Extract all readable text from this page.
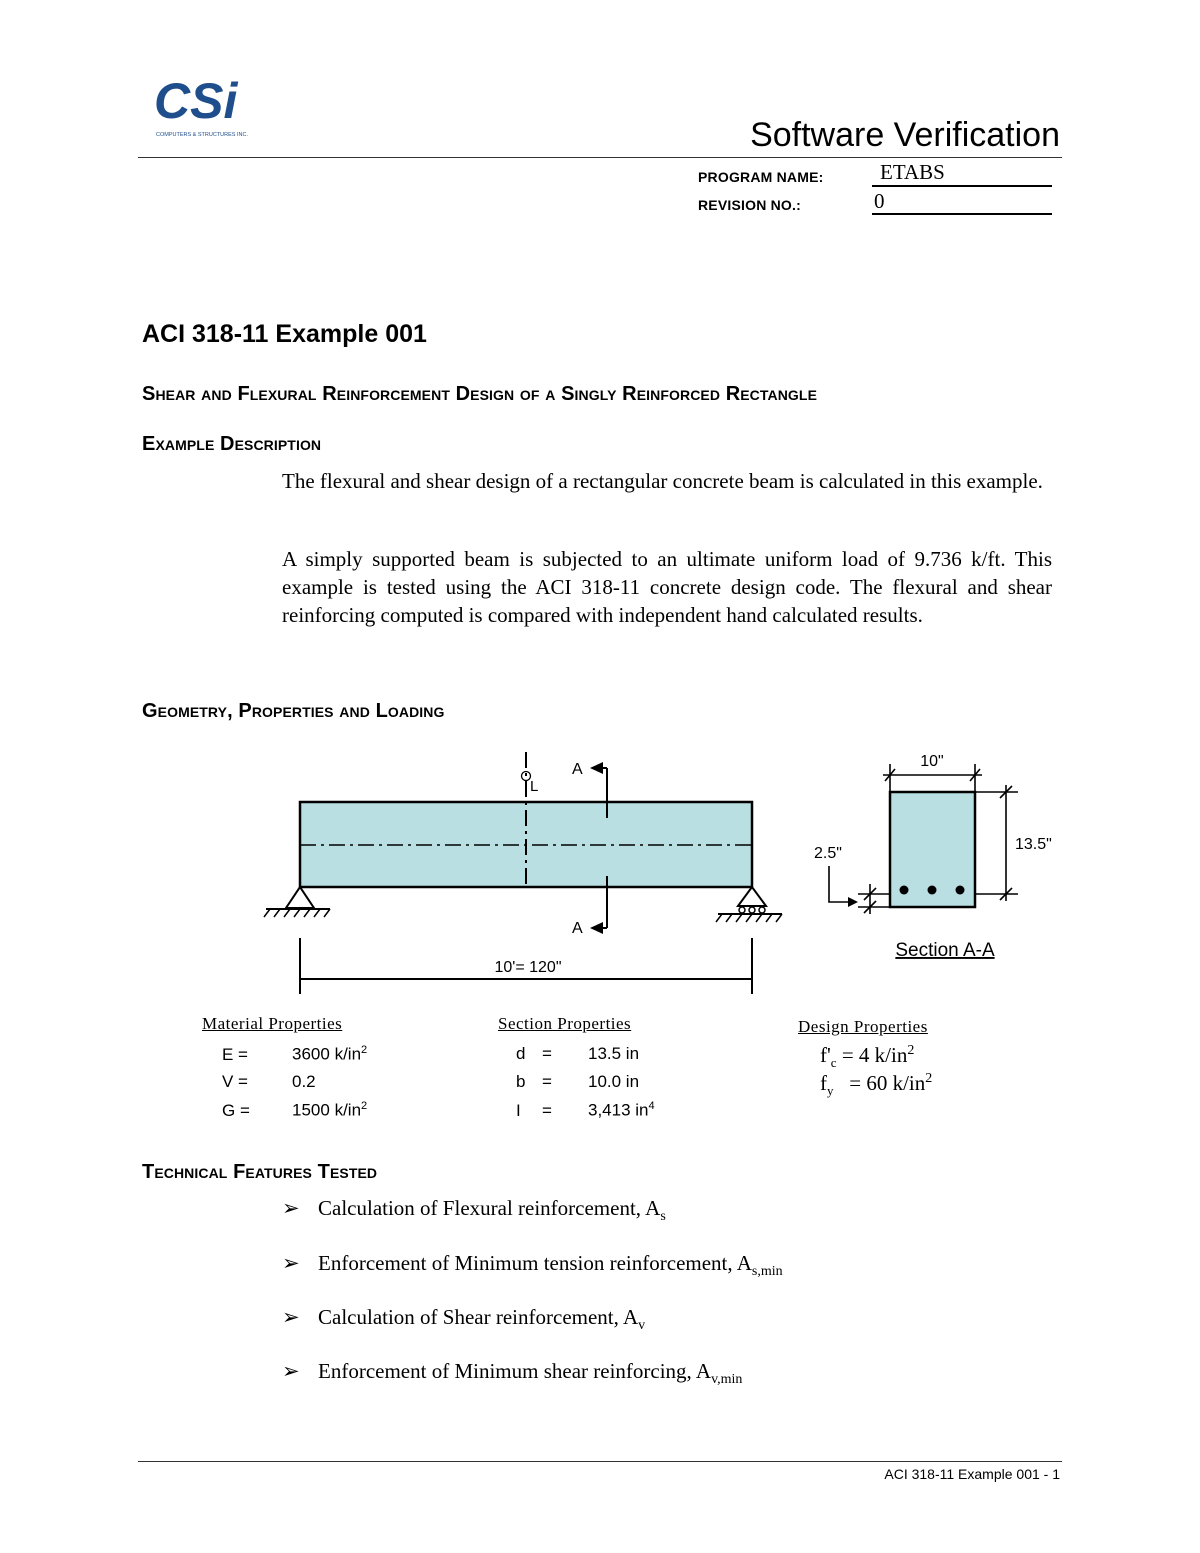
CSi
COMPUTERS & STRUCTURES INC.	Software Verification
PROGRAM NAME:	ETABS
REVISION NO.:	0
ACI 318-11 Example 001
Shear and Flexural Reinforcement Design of a Singly Reinforced Rectangle
Example Description
The flexural and shear design of a rectangular concrete beam is calculated in this example.
A simply supported beam is subjected to an ultimate uniform load of 9.736 k/ft. This example is tested using the ACI 318-11 concrete design code. The flexural and shear reinforcing computed is compared with independent hand calculated results.
Geometry, Properties and Loading
L
A
A
10'= 120"
10"
13.5"
2.5"
Section A-A
Material Properties
E =	3600 $k/in^2$
V =	0.2
G = 1500 $k/in^2$
Section Properties
d = 13.5 in
b = 10.0 in
I = 3,413 $in^4$
Design Properties
$f'_c = 4$ $k/in^2$
$f_y = 60$ $k/in^2$
Technical Features Tested
➢ Calculation of Flexural reinforcement, $A_s$
➢ Enforcement of Minimum tension reinforcement, $A_{s,min}$
➢ Calculation of Shear reinforcement, $A_v$
➢ Enforcement of Minimum shear reinforcing, $A_{v,min}$
ACI 318-11 Example 001 - 1
